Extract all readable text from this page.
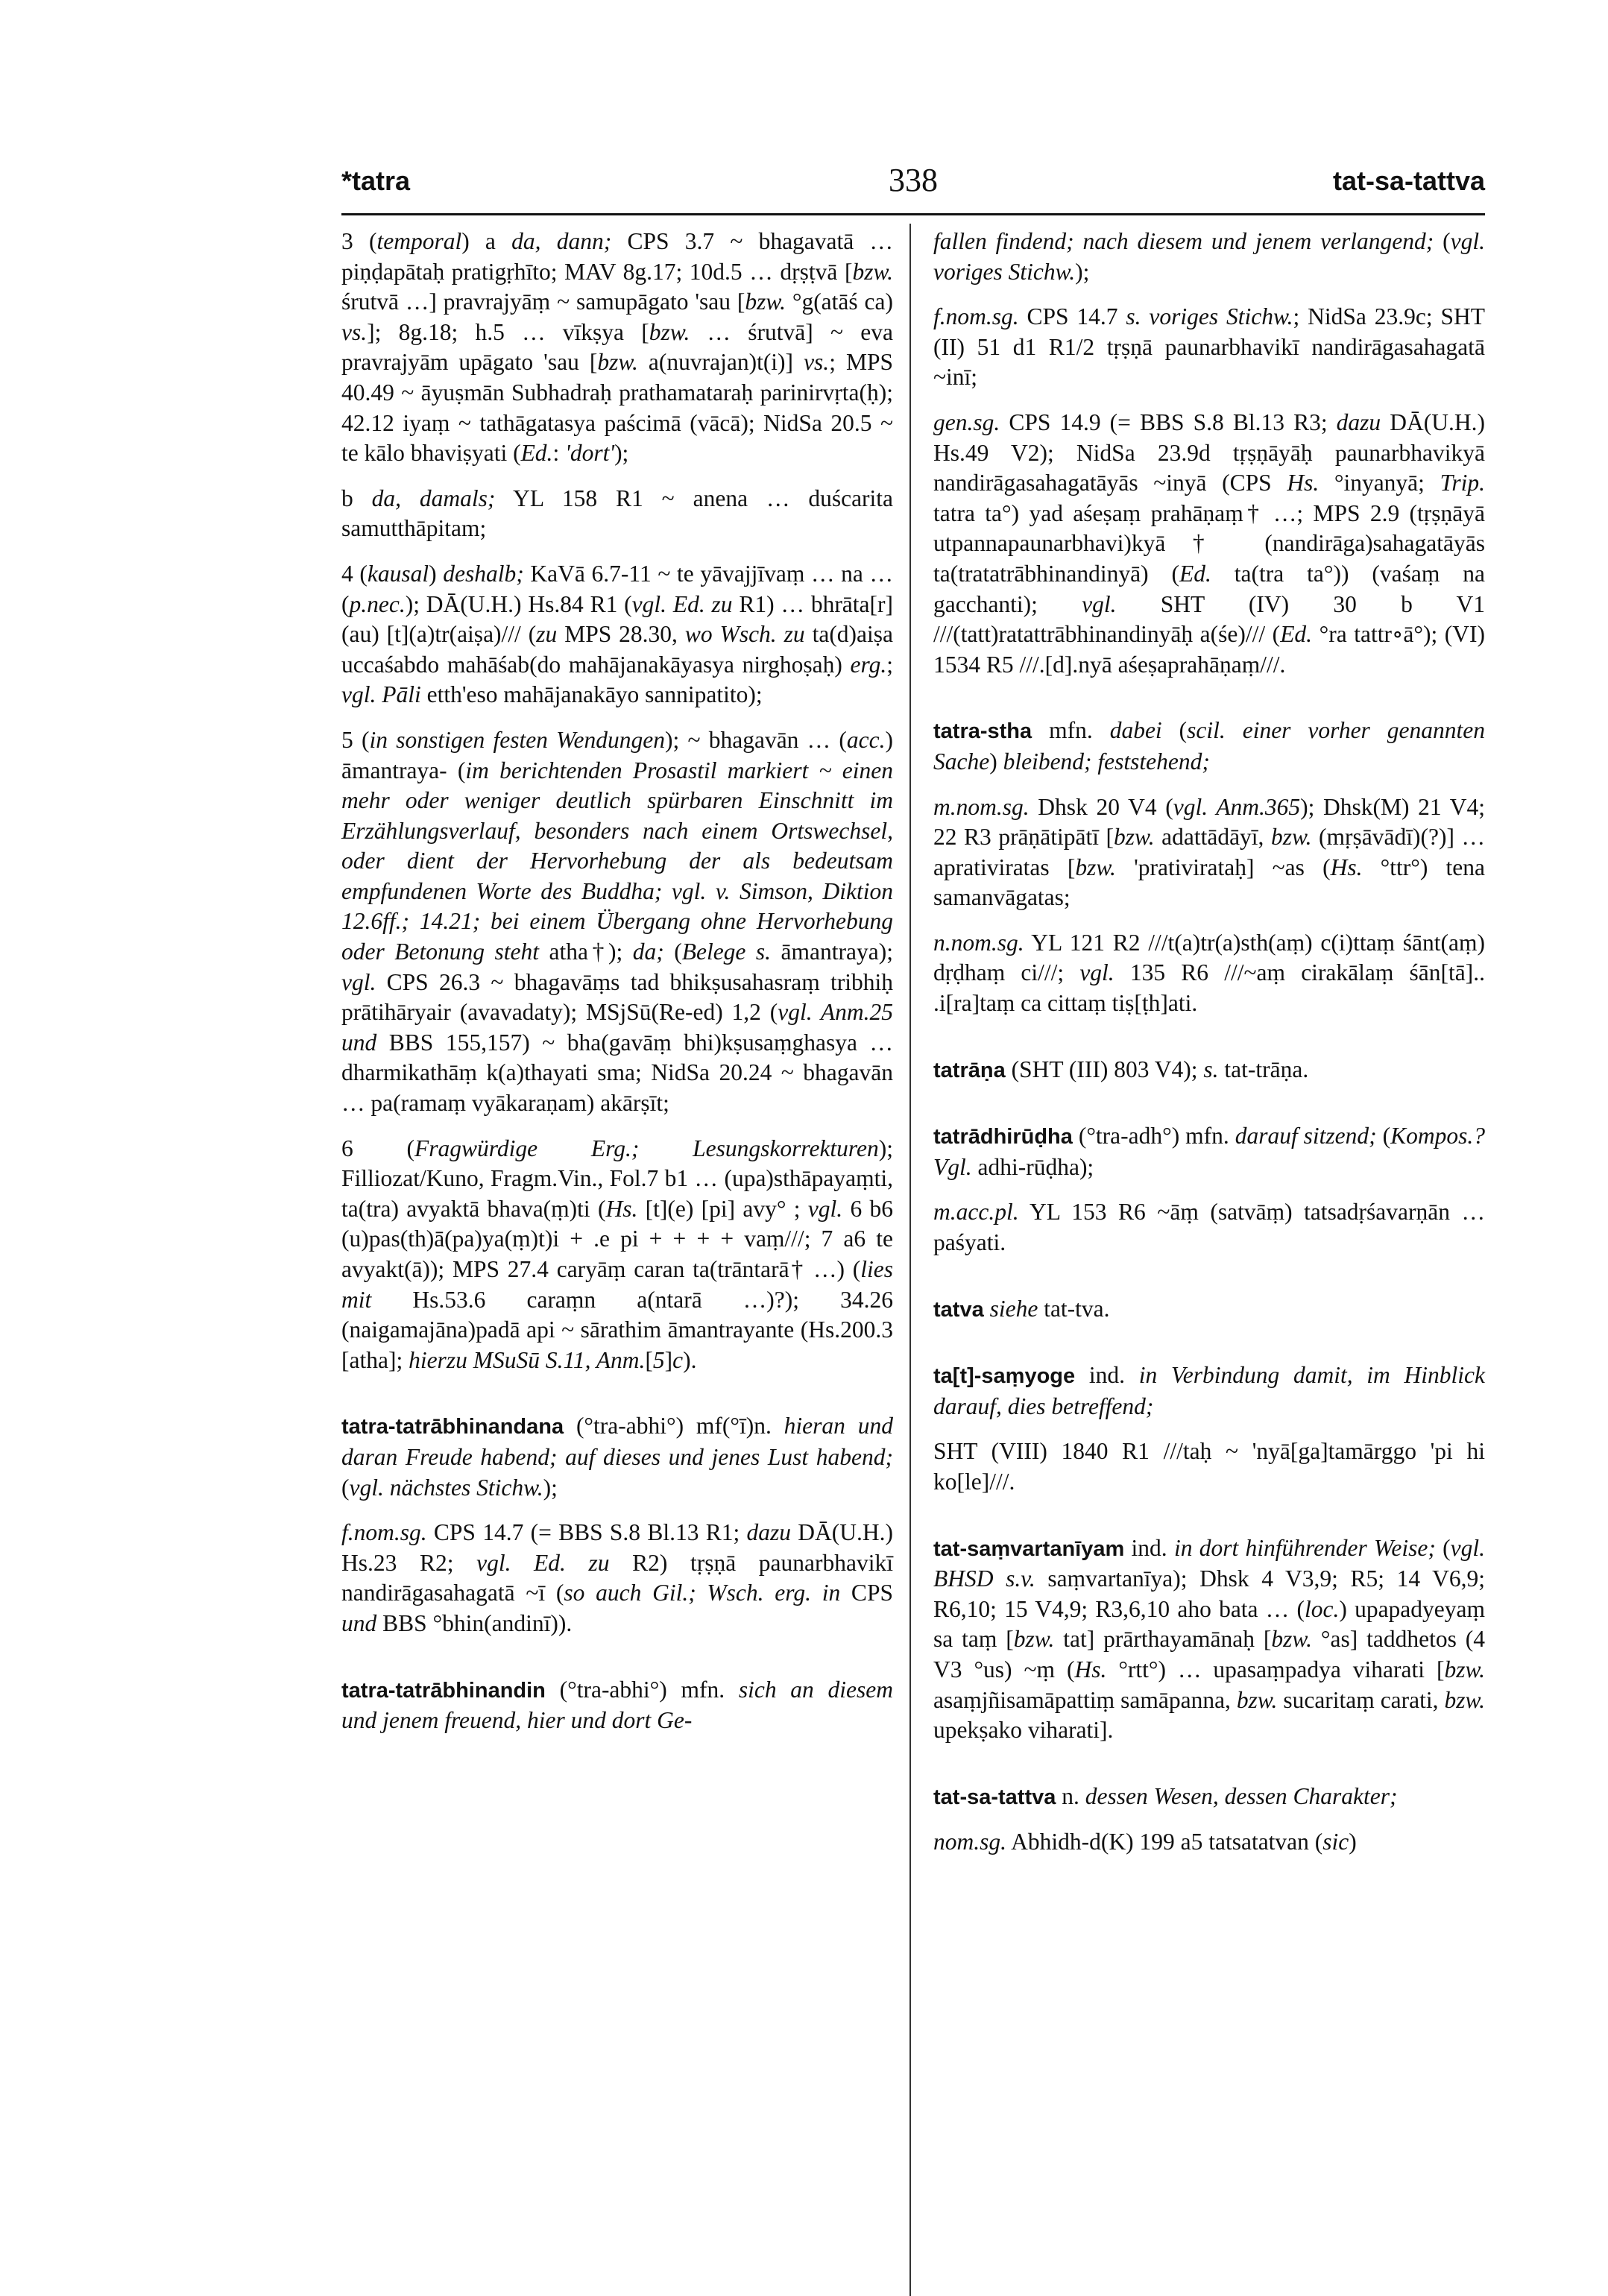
*tatra	338	tat-sa-tattva

3 (temporal) a da, dann; CPS 3.7 ~ bhagavatā … piṇḍapātaḥ pratigṛhīto; MAV 8g.17; 10d.5 … dṛṣṭvā [bzw. śrutvā …] pravrajyāṃ ~ samupāgato 'sau [bzw. °g(atāś ca) vs.]; 8g.18; h.5 … vīkṣya [bzw. … śrutvā] ~ eva pravrajyām upāgato 'sau [bzw. a(nuvrajan)t(i)] vs.; MPS 40.49 ~ āyuṣmān Subhadraḥ prathamataraḥ parinirvṛta(ḥ); 42.12 iyaṃ ~ tathāgatasya paścimā (vācā); NidSa 20.5 ~ te kālo bhaviṣyati (Ed.: 'dort');

b da, damals; YL 158 R1 ~ anena … duścarita samutthāpitam;

4 (kausal) deshalb; KaVā 6.7-11 ~ te yāvajjīvaṃ … na … (p.nec.); DĀ(U.H.) Hs.84 R1 (vgl. Ed. zu R1) … bhrāta[r](au) [t](a)tr(aiṣa)/// (zu MPS 28.30, wo Wsch. zu ta(d)aiṣa uccaśabdo mahāśab(do mahājanakāyasya nirghoṣaḥ) erg.; vgl. Pāli etth'eso mahājanakāyo sannipatito);

5 (in sonstigen festen Wendungen); ~ bhagavān … (acc.) āmantraya- (im berichtenden Prosastil markiert ~ einen mehr oder weniger deutlich spürbaren Einschnitt im Erzählungsverlauf, besonders nach einem Ortswechsel, oder dient der Hervorhebung der als bedeutsam empfundenen Worte des Buddha; vgl. v. Simson, Diktion 12.6ff.; 14.21; bei einem Übergang ohne Hervorhebung oder Betonung steht atha†); da; (Belege s. āmantraya); vgl. CPS 26.3 ~ bhagavāṃs tad bhikṣusahasraṃ tribhiḥ prātihāryair (avavadaty); MSjSū(Re-ed) 1,2 (vgl. Anm.25 und BBS 155,157) ~ bha(gavāṃ bhi)kṣusaṃghasya … dharmikathāṃ k(a)thayati sma; NidSa 20.24 ~ bhagavān … pa(ramaṃ vyākaraṇam) akārṣīt;

6 (Fragwürdige Erg.; Lesungskorrekturen); Filliozat/Kuno, Fragm.Vin., Fol.7 b1 … (upa)sthāpayaṃti, ta(tra) avyaktā bhava(ṃ)ti (Hs. [t](e) [pi] avy° ; vgl. 6 b6 (u)pas(th)ā(pa)ya(ṃ)t)i + .e pi + + + + vaṃ///; 7 a6 te avyakt(ā)); MPS 27.4 caryāṃ caran ta(trāntarā† …) (lies mit Hs.53.6 caraṃn a(ntarā …)?); 34.26 (naigamajāna)padā api ~ sārathim āmantrayante (Hs.200.3 [atha]; hierzu MSuSū S.11, Anm.[5]c).

tatra-tatrābhinandana (°tra-abhi°) mf(°ī)n. hieran und daran Freude habend; auf dieses und jenes Lust habend; (vgl. nächstes Stichw.);

f.nom.sg. CPS 14.7 (= BBS S.8 Bl.13 R1; dazu DĀ(U.H.) Hs.23 R2; vgl. Ed. zu R2) tṛṣṇā paunarbhavikī nandirāgasahagatā ~ī (so auch Gil.; Wsch. erg. in CPS und BBS °bhin(andinī)).

tatra-tatrābhinandin (°tra-abhi°) mfn. sich an diesem und jenem freuend, hier und dort Ge-

fallen findend; nach diesem und jenem verlangend; (vgl. voriges Stichw.);

f.nom.sg. CPS 14.7 s. voriges Stichw.; NidSa 23.9c; SHT (II) 51 d1 R1/2 tṛṣṇā paunarbhavikī nandirāgasahagatā ~inī;

gen.sg. CPS 14.9 (= BBS S.8 Bl.13 R3; dazu DĀ(U.H.) Hs.49 V2); NidSa 23.9d tṛṣṇāyāḥ paunarbhavikyā nandirāgasahagatāyās ~inyā (CPS Hs. °inyanyā; Trip. tatra ta°) yad aśeṣaṃ prahāṇaṃ† …; MPS 2.9 (tṛṣṇāyā utpannapaunarbhavi)kyā† (nandirāga)sahagatāyās ta(tratatrābhinandinyā) (Ed. ta(tra ta°)) (vaśaṃ na gacchanti); vgl. SHT (IV) 30 b V1 ///(tatt)ratattrābhinandinyāḥ a(śe)/// (Ed. °ra tattr∘ā°); (VI) 1534 R5 ///.[d].nyā aśeṣaprahāṇaṃ///.

tatra-stha mfn. dabei (scil. einer vorher genannten Sache) bleibend; feststehend;

m.nom.sg. Dhsk 20 V4 (vgl. Anm.365); Dhsk(M) 21 V4; 22 R3 prāṇātipātī [bzw. adattādāyī, bzw. (mṛṣāvādī)(?)] … aprativiratas [bzw. 'prativirataḥ] ~as (Hs. °ttr°) tena samanvāgatas;

n.nom.sg. YL 121 R2 ///t(a)tr(a)sth(aṃ) c(i)ttaṃ śānt(aṃ) dṛḍhaṃ ci///; vgl. 135 R6 ///~aṃ cirakālaṃ śān[tā].. .i[ra]taṃ ca cittaṃ tiṣ[ṭh]ati.

tatrāṇa (SHT (III) 803 V4); s. tat-trāṇa.

tatrādhirūḍha (°tra-adh°) mfn. darauf sitzend; (Kompos.? Vgl. adhi-rūḍha);

m.acc.pl. YL 153 R6 ~āṃ (satvāṃ) tatsadṛśavarṇān … paśyati.

tatva siehe tat-tva.

ta[t]-saṃyoge ind. in Verbindung damit, im Hinblick darauf, dies betreffend;

SHT (VIII) 1840 R1 ///taḥ ~ 'nyā[ga]tamārggo 'pi hi ko[le]///.

tat-saṃvartanīyam ind. in dort hinführender Weise; (vgl. BHSD s.v. saṃvartanīya); Dhsk 4 V3,9; R5; 14 V6,9; R6,10; 15 V4,9; R3,6,10 aho bata … (loc.) upapadyeyaṃ sa taṃ [bzw. tat] prārthayamānaḥ [bzw. °as] taddhetos (4 V3 °us) ~ṃ (Hs. °rtt°) … upasaṃpadya viharati [bzw. asaṃjñisamāpattiṃ samāpanna, bzw. sucaritaṃ carati, bzw. upekṣako viharati].

tat-sa-tattva n. dessen Wesen, dessen Charakter;

nom.sg. Abhidh-d(K) 199 a5 tatsatatvan (sic)
